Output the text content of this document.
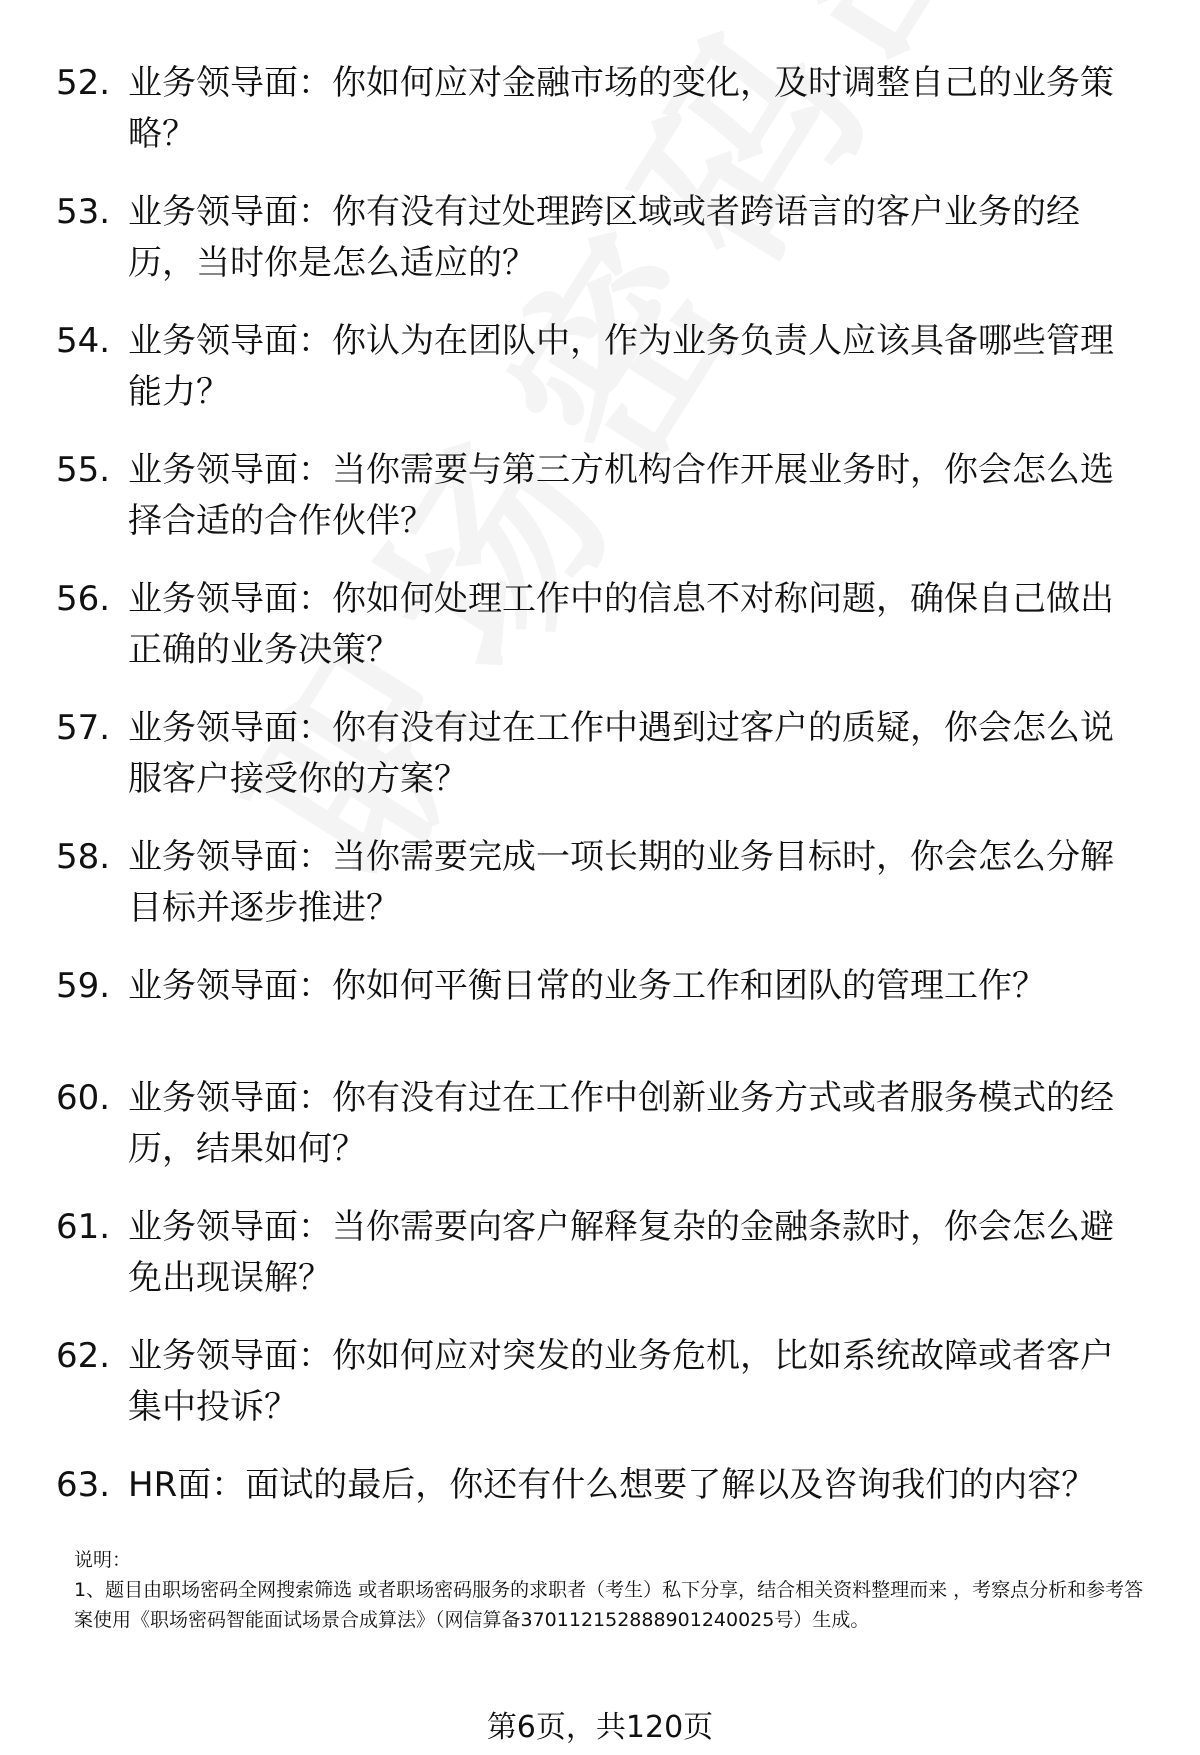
52. 业务领导面：你如何应对金融市场的变化，及时调整自己的业务策略？
53. 业务领导面：你有没有过处理跨区域或者跨语言的客户业务的经历，当时你是怎么适应的？
54. 业务领导面：你认为在团队中，作为业务负责人应该具备哪些管理能力？
55. 业务领导面：当你需要与第三方机构合作开展业务时，你会怎么选择合适的合作伙伴？
56. 业务领导面：你如何处理工作中的信息不对称问题，确保自己做出正确的业务决策？
57. 业务领导面：你有没有过在工作中遇到过客户的质疑，你会怎么说服客户接受你的方案？
58. 业务领导面：当你需要完成一项长期的业务目标时，你会怎么分解目标并逐步推进？
59. 业务领导面：你如何平衡日常的业务工作和团队的管理工作？
60. 业务领导面：你有没有过在工作中创新业务方式或者服务模式的经历，结果如何？
61. 业务领导面：当你需要向客户解释复杂的金融条款时，你会怎么避免出现误解？
62. 业务领导面：你如何应对突发的业务危机，比如系统故障或者客户集中投诉？
63. HR面：面试的最后，你还有什么想要了解以及咨询我们的内容？

说明：

1、题目由职场密码全网搜索筛选 或者职场密码服务的求职者（考生）私下分享，结合相关资料整理而来 ，考察点分析和参考答案使用《职场密码智能面试场景合成算法》（网信算备370112152888901240025号）生成。

第6页，共120页
